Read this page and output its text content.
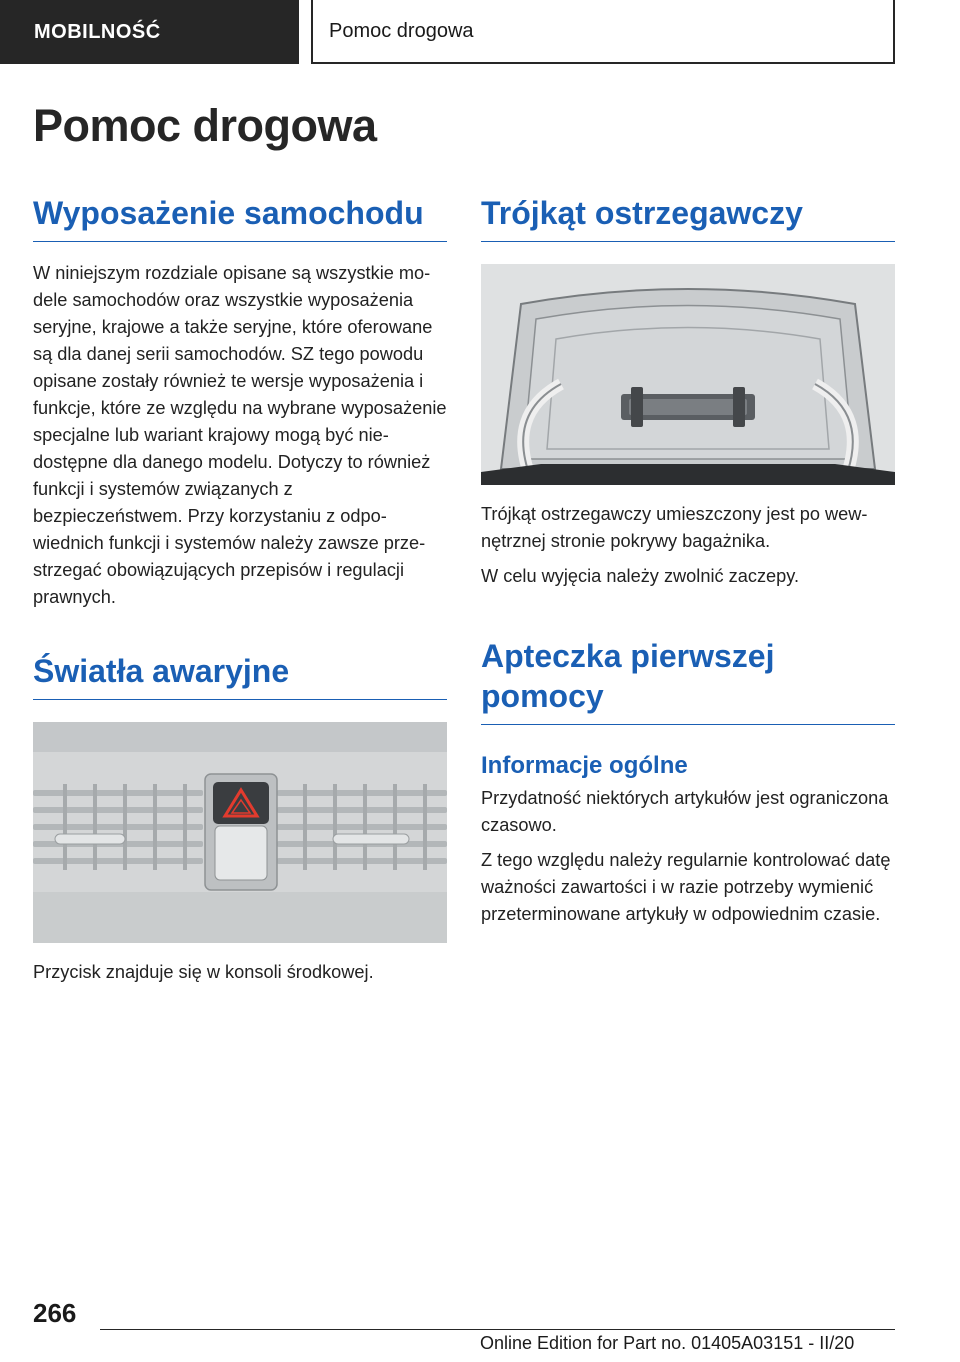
MOBILNOŚĆ	Pomoc drogowa
Pomoc drogowa
Wyposażenie samochodu

W niniejszym rozdziale opisane są wszystkie modele samochodów oraz wszystkie wyposażenia seryjne, krajowe a także seryjne, które oferowane są dla danej serii samochodów. SZ tego powodu opisane zostały również te wersje wyposażenia i funkcje, które ze względu na wybrane wyposażenie specjalne lub wariant krajowy mogą być niedostępne dla danego modelu. Dotyczy to również funkcji i systemów związanych z bezpieczeństwem. Przy korzystaniu z odpowiednich funkcji i systemów należy zawsze przestrzegać obowiązujących przepisów i regulacji prawnych.

Światła awaryjne

Przycisk znajduje się w konsoli środkowej.

Trójkąt ostrzegawczy

Trójkąt ostrzegawczy umieszczony jest po wewnętrznej stronie pokrywy bagażnika.

W celu wyjęcia należy zwolnić zaczepy.

Apteczka pierwszej
pomocy
Informacje ogólne

Przydatność niektórych artykułów jest ograniczona czasowo.

Z tego względu należy regularnie kontrolować datę ważności zawartości i w razie potrzeby wymienić przeterminowane artykuły w odpowiednim czasie.

266
Online Edition for Part no. 01405A03151 - II/20
